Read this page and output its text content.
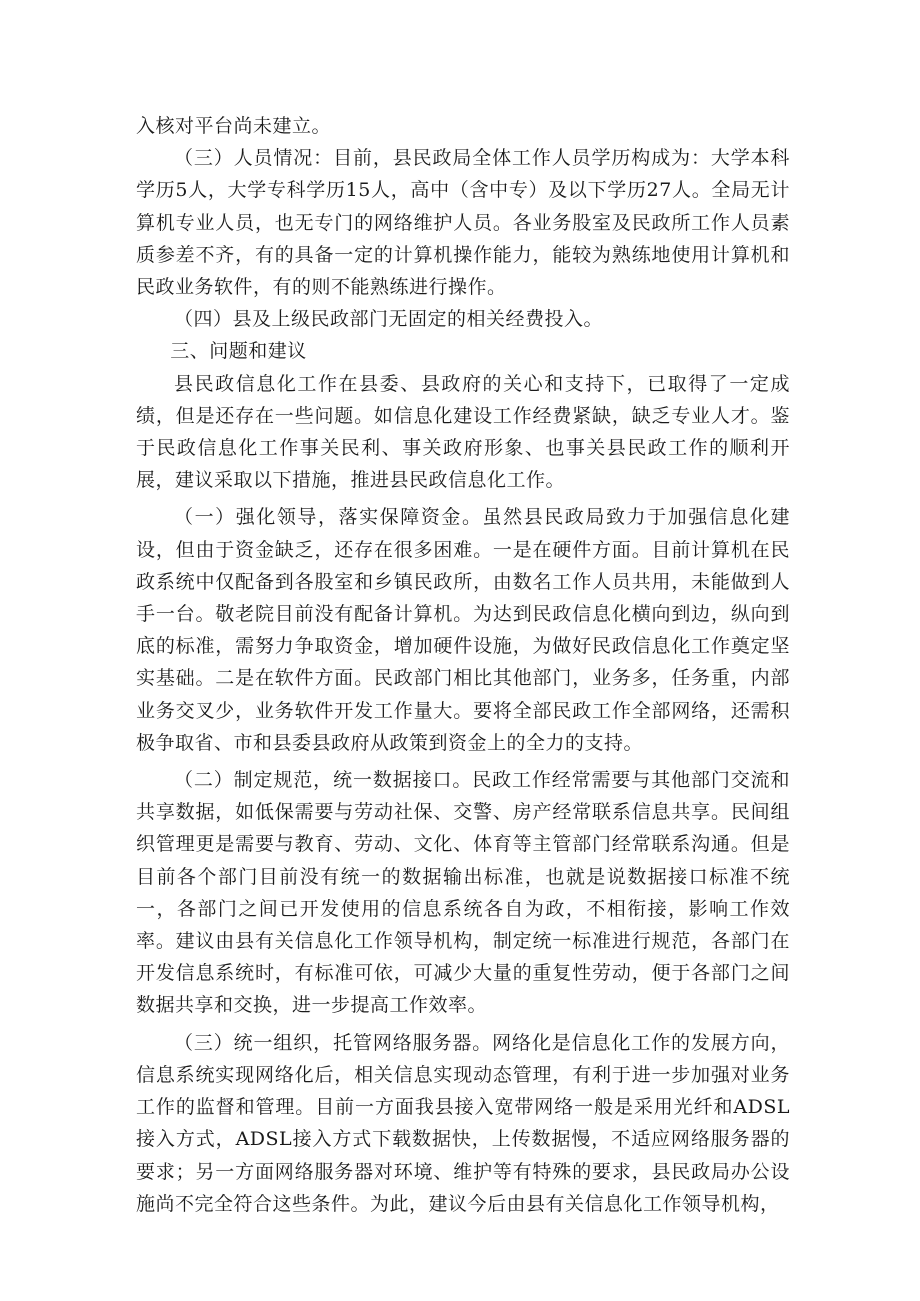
入核对平台尚未建立。

（三）人员情况：目前，县民政局全体工作人员学历构成为：大学本科学历5人，大学专科学历15人，高中（含中专）及以下学历27人。全局无计算机专业人员，也无专门的网络维护人员。各业务股室及民政所工作人员素质参差不齐，有的具备一定的计算机操作能力，能较为熟练地使用计算机和民政业务软件，有的则不能熟练进行操作。

（四）县及上级民政部门无固定的相关经费投入。

三、问题和建议

县民政信息化工作在县委、县政府的关心和支持下，已取得了一定成绩，但是还存在一些问题。如信息化建设工作经费紧缺，缺乏专业人才。鉴于民政信息化工作事关民利、事关政府形象、也事关县民政工作的顺利开展，建议采取以下措施，推进县民政信息化工作。

（一）强化领导，落实保障资金。虽然县民政局致力于加强信息化建设，但由于资金缺乏，还存在很多困难。一是在硬件方面。目前计算机在民政系统中仅配备到各股室和乡镇民政所，由数名工作人员共用，未能做到人手一台。敬老院目前没有配备计算机。为达到民政信息化横向到边，纵向到底的标准，需努力争取资金，增加硬件设施，为做好民政信息化工作奠定坚实基础。二是在软件方面。民政部门相比其他部门，业务多，任务重，内部业务交叉少，业务软件开发工作量大。要将全部民政工作全部网络，还需积极争取省、市和县委县政府从政策到资金上的全力的支持。

（二）制定规范，统一数据接口。民政工作经常需要与其他部门交流和共享数据，如低保需要与劳动社保、交警、房产经常联系信息共享。民间组织管理更是需要与教育、劳动、文化、体育等主管部门经常联系沟通。但是目前各个部门目前没有统一的数据输出标准，也就是说数据接口标准不统一，各部门之间已开发使用的信息系统各自为政，不相衔接，影响工作效率。建议由县有关信息化工作领导机构，制定统一标准进行规范，各部门在开发信息系统时，有标准可依，可减少大量的重复性劳动，便于各部门之间数据共享和交换，进一步提高工作效率。

（三）统一组织，托管网络服务器。网络化是信息化工作的发展方向，信息系统实现网络化后，相关信息实现动态管理，有利于进一步加强对业务工作的监督和管理。目前一方面我县接入宽带网络一般是采用光纤和ADSL接入方式，ADSL接入方式下载数据快，上传数据慢，不适应网络服务器的要求；另一方面网络服务器对环境、维护等有特殊的要求，县民政局办公设施尚不完全符合这些条件。为此，建议今后由县有关信息化工作领导机构，
